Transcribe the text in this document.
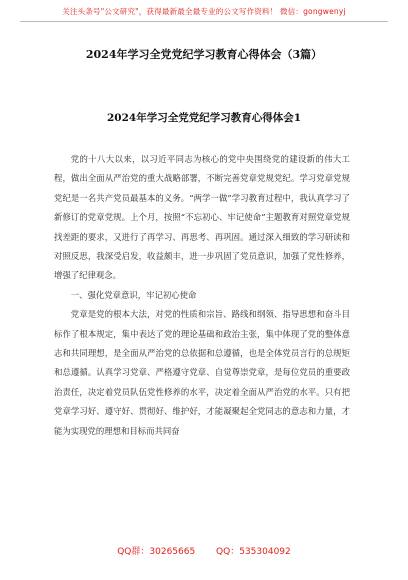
关注头条号"公文研究"，获得最新最全最专业的公文写作资料！ 微信：gongwenyj
2024年学习全党党纪学习教育心得体会（3篇）
2024年学习全党党纪学习教育心得体会1

党的十八大以来，以习近平同志为核心的党中央围绕党的建设新的伟大工程，做出全面从严治党的重大战略部署，不断完善党章党规党纪。学习党章党规党纪是一名共产党员最基本的义务。“两学一做”学习教育过程中，我认真学习了新修订的党章党规。上个月，按照“不忘初心、牢记使命”主题教育对照党章党规找差距的要求，又进行了再学习、再思考、再巩固。通过深入细致的学习研读和对照反思，我深受启发，收益颇丰，进一步巩固了党员意识，加强了党性修养，增强了纪律观念。

一、强化党章意识，牢记初心使命

党章是党的根本大法，对党的性质和宗旨、路线和纲领、指导思想和奋斗目标作了根本规定，集中表达了党的理论基础和政治主张，集中体现了党的整体意志和共同理想，是全面从严治党的总依据和总遵循，也是全体党员言行的总规矩和总遵循。认真学习党章、严格遵守党章、自觉尊崇党章，是每位党员的重要政治责任，决定着党员队伍党性修养的水平，决定着全面从严治党的水平。只有把党章学习好、遵守好、贯彻好、维护好，才能凝聚起全党同志的意志和力量，才能为实现党的理想和目标而共同奋

QQ群：30265665 QQ：535304092
